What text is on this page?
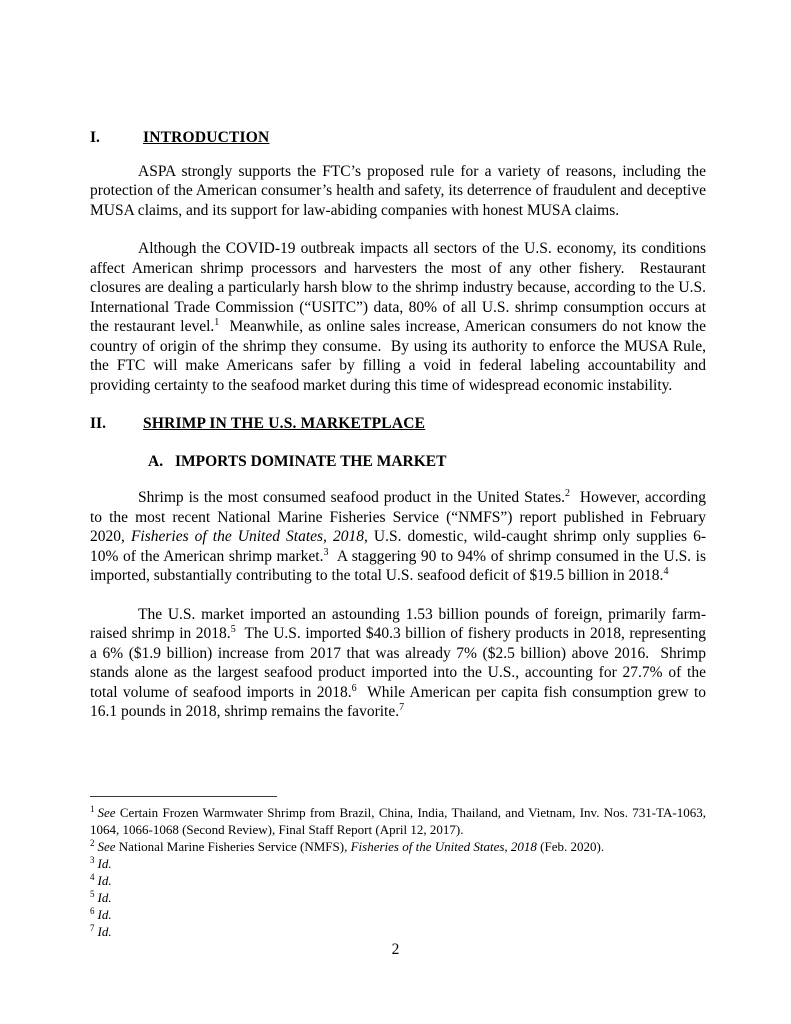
I.	INTRODUCTION

ASPA strongly supports the FTC’s proposed rule for a variety of reasons, including the protection of the American consumer’s health and safety, its deterrence of fraudulent and deceptive MUSA claims, and its support for law-abiding companies with honest MUSA claims.

Although the COVID-19 outbreak impacts all sectors of the U.S. economy, its conditions affect American shrimp processors and harvesters the most of any other fishery.  Restaurant closures are dealing a particularly harsh blow to the shrimp industry because, according to the U.S. International Trade Commission (“USITC”) data, 80% of all U.S. shrimp consumption occurs at the restaurant level.$^1$  Meanwhile, as online sales increase, American consumers do not know the country of origin of the shrimp they consume.  By using its authority to enforce the MUSA Rule, the FTC will make Americans safer by filling a void in federal labeling accountability and providing certainty to the seafood market during this time of widespread economic instability.

II.	SHRIMP IN THE U.S. MARKETPLACE
A. IMPORTS DOMINATE THE MARKET

Shrimp is the most consumed seafood product in the United States.$^2$  However, according to the most recent National Marine Fisheries Service (“NMFS”) report published in February 2020, Fisheries of the United States, 2018, U.S. domestic, wild-caught shrimp only supplies 6-10% of the American shrimp market.$^3$  A staggering 90 to 94% of shrimp consumed in the U.S. is imported, substantially contributing to the total U.S. seafood deficit of $19.5 billion in 2018.$^4$

The U.S. market imported an astounding 1.53 billion pounds of foreign, primarily farm-raised shrimp in 2018.$^5$  The U.S. imported $40.3 billion of fishery products in 2018, representing a 6% ($1.9 billion) increase from 2017 that was already 7% ($2.5 billion) above 2016.  Shrimp stands alone as the largest seafood product imported into the U.S., accounting for 27.7% of the total volume of seafood imports in 2018.$^6$  While American per capita fish consumption grew to 16.1 pounds in 2018, shrimp remains the favorite.$^7$

$^1$ See Certain Frozen Warmwater Shrimp from Brazil, China, India, Thailand, and Vietnam, Inv. Nos. 731-TA-1063, 1064, 1066-1068 (Second Review), Final Staff Report (April 12, 2017).
$^2$ See National Marine Fisheries Service (NMFS), Fisheries of the United States, 2018 (Feb. 2020).
$^3$ Id.
$^4$ Id.
$^5$ Id.
$^6$ Id.
$^7$ Id.
2
